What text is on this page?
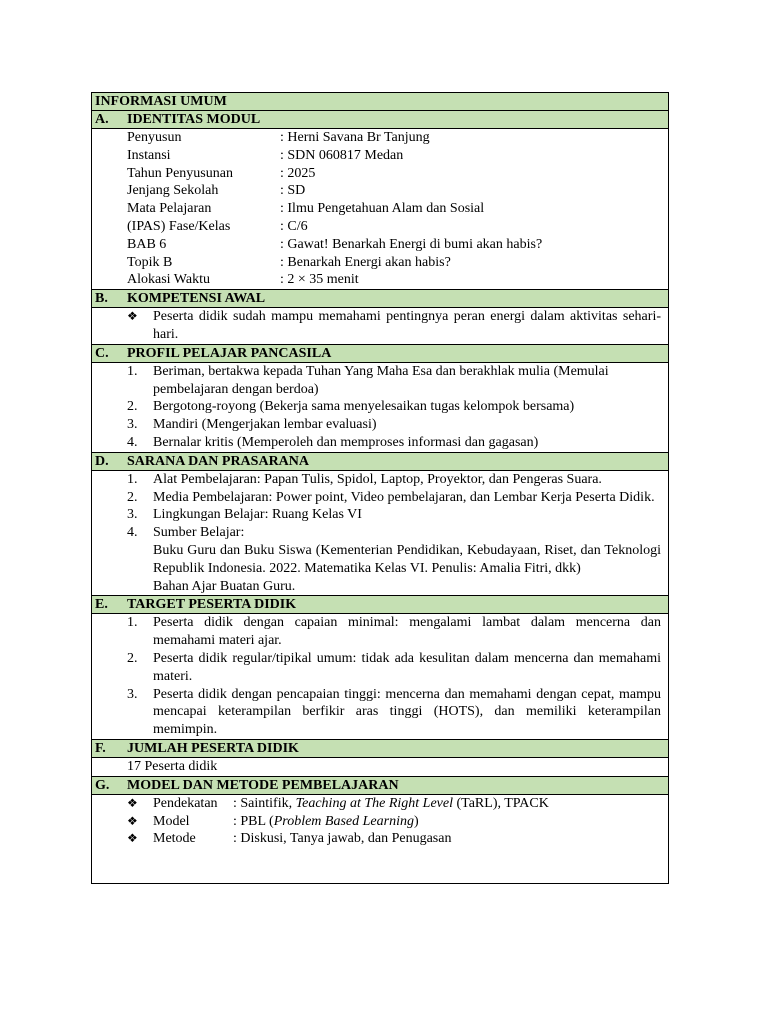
INFORMASI UMUM
A.	IDENTITAS MODUL
Penyusun	: Herni Savana Br Tanjung
Instansi	: SDN 060817 Medan
Tahun Penyusunan	: 2025
Jenjang Sekolah	: SD
Mata Pelajaran	: Ilmu Pengetahuan Alam dan Sosial
(IPAS) Fase/Kelas	: C/6
BAB 6	: Gawat! Benarkah Energi di bumi akan habis?
Topik B	: Benarkah Energi akan habis?
Alokasi Waktu	: 2 × 35 menit
B.	KOMPETENSI AWAL
❖	Peserta didik sudah mampu memahami pentingnya peran energi dalam aktivitas sehari-hari.
C.	PROFIL PELAJAR PANCASILA
1.	Beriman, bertakwa kepada Tuhan Yang Maha Esa dan berakhlak mulia (Memulai pembelajaran dengan berdoa)
2.	Bergotong-royong (Bekerja sama menyelesaikan tugas kelompok bersama)
3.	Mandiri (Mengerjakan lembar evaluasi)
4.	Bernalar kritis (Memperoleh dan memproses informasi dan gagasan)
D.	SARANA DAN PRASARANA
1.	Alat Pembelajaran: Papan Tulis, Spidol, Laptop, Proyektor, dan Pengeras Suara.
2.	Media Pembelajaran: Power point, Video pembelajaran, dan Lembar Kerja Peserta Didik.
3.	Lingkungan Belajar: Ruang Kelas VI
4.	Sumber Belajar:
Buku Guru dan Buku Siswa (Kementerian Pendidikan, Kebudayaan, Riset, dan Teknologi Republik Indonesia. 2022. Matematika Kelas VI. Penulis: Amalia Fitri, dkk)
Bahan Ajar Buatan Guru.
E.	TARGET PESERTA DIDIK
1.	Peserta didik dengan capaian minimal: mengalami lambat dalam mencerna dan memahami materi ajar.
2.	Peserta didik regular/tipikal umum: tidak ada kesulitan dalam mencerna dan memahami materi.
3.	Peserta didik dengan pencapaian tinggi: mencerna dan memahami dengan cepat, mampu mencapai keterampilan berfikir aras tinggi (HOTS), dan memiliki keterampilan memimpin.
F.	JUMLAH PESERTA DIDIK
17 Peserta didik
G.	MODEL DAN METODE PEMBELAJARAN
❖	Pendekatan	: Saintifik, Teaching at The Right Level (TaRL), TPACK
❖	Model	: PBL (Problem Based Learning)
❖	Metode	: Diskusi, Tanya jawab, dan Penugasan
